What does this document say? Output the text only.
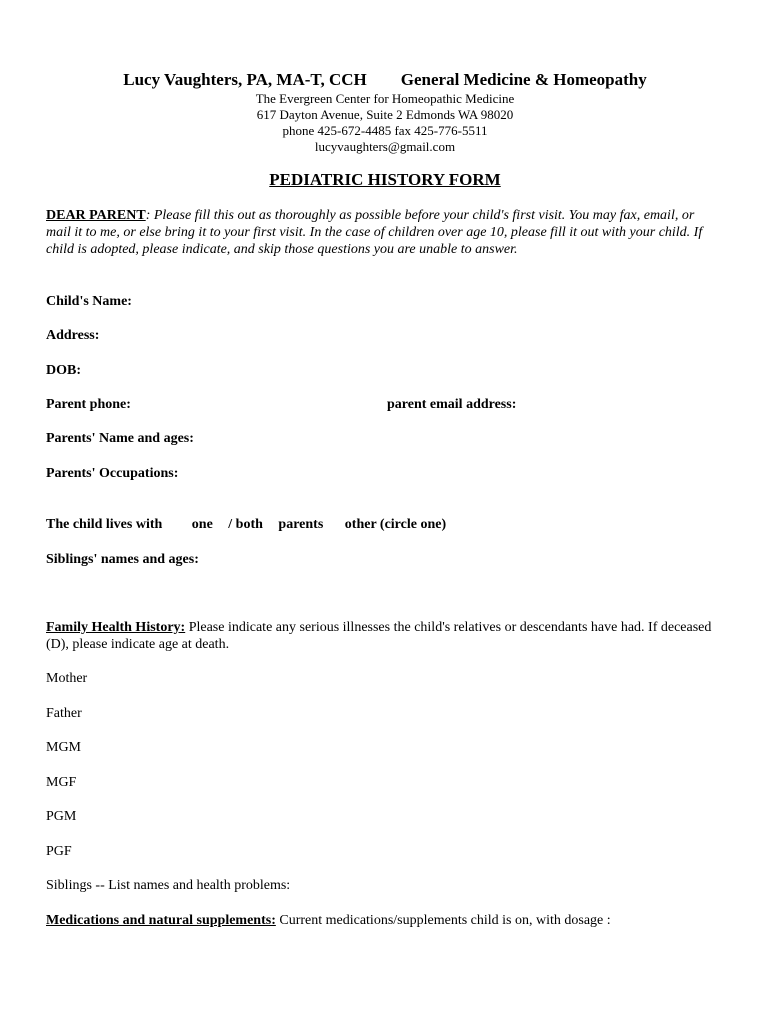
Lucy Vaughters, PA, MA-T, CCH General Medicine & Homeopathy
The Evergreen Center for Homeopathic Medicine
617 Dayton Avenue, Suite 2 Edmonds WA 98020
phone 425-672-4485 fax 425-776-5511
lucyvaughters@gmail.com
PEDIATRIC HISTORY FORM
DEAR PARENT: Please fill this out as thoroughly as possible before your child's first visit. You may fax, email, or mail it to me, or else bring it to your first visit. In the case of children over age 10, please fill it out with your child. If child is adopted, please indicate, and skip those questions you are unable to answer.
Child's Name:
Address:
DOB:
Parent phone:	parent email address:
Parents' Name and ages:
Parents' Occupations:
The child lives with one / both parents other (circle one)
Siblings' names and ages:
Family Health History: Please indicate any serious illnesses the child's relatives or descendants have had. If deceased (D), please indicate age at death.
Mother
Father
MGM
MGF
PGM
PGF
Siblings -- List names and health problems:
Medications and natural supplements: Current medications/supplements child is on, with dosage :
